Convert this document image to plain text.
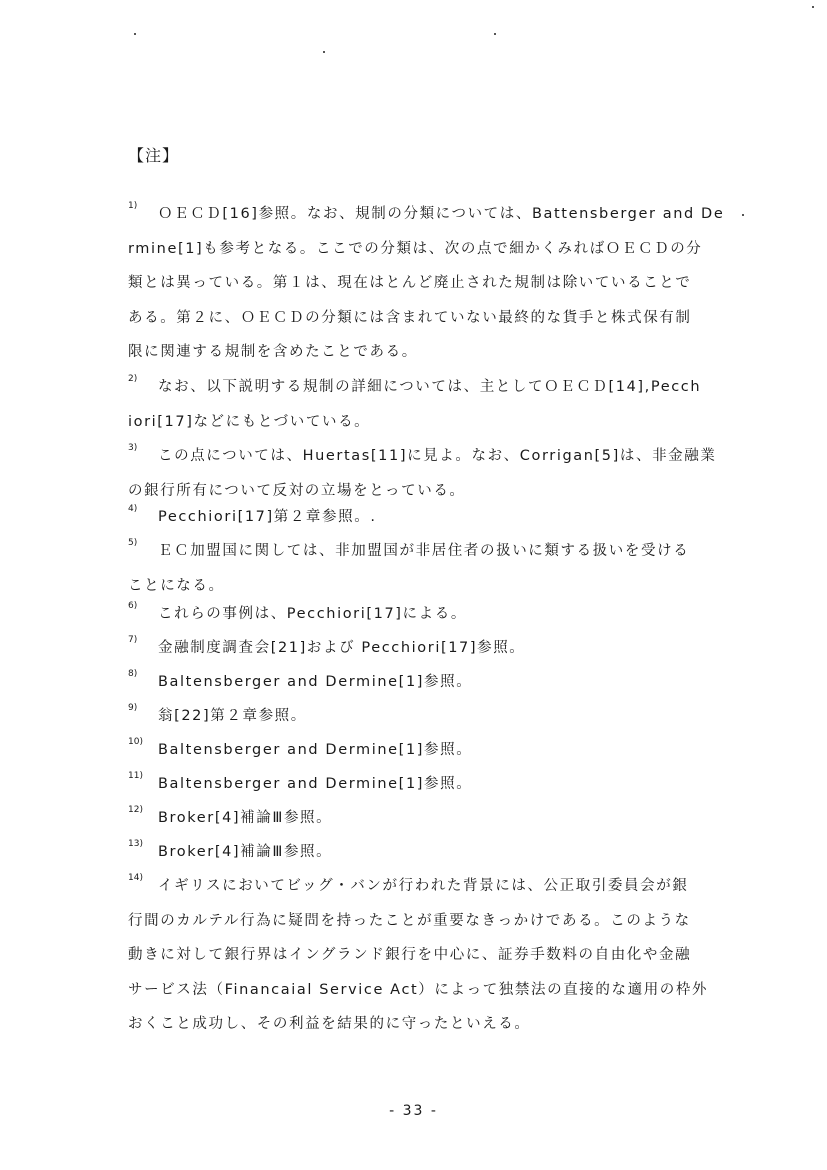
【注】
1) ＯＥＣＤ[16]参照。なお、規制の分類については、Battensberger and De
rmine[1]も参考となる。ここでの分類は、次の点で細かくみればＯＥＣＤの分
類とは異っている。第１は、現在はとんど廃止された規制は除いていることで
ある。第２に、ＯＥＣＤの分類には含まれていない最終的な貨手と株式保有制
限に関連する規制を含めたことである。
2) なお、以下説明する規制の詳細については、主としてＯＥＣＤ[14],Pecch
iori[17]などにもとづいている。
3) この点については、Huertas[11]に見よ。なお、Corrigan[5]は、非金融業
の銀行所有について反対の立場をとっている。
4) Pecchiori[17]第２章参照。.
5) ＥＣ加盟国に関しては、非加盟国が非居住者の扱いに類する扱いを受ける
ことになる。
6) これらの事例は、Pecchiori[17]による。
7) 金融制度調査会[21]および Pecchiori[17]参照。
8) Baltensberger and Dermine[1]参照。
9) 翁[22]第２章参照。
10) Baltensberger and Dermine[1]参照。
11) Baltensberger and Dermine[1]参照。
12) Broker[4]補論Ⅲ参照。
13) Broker[4]補論Ⅲ参照。
14) イギリスにおいてビッグ・バンが行われた背景には、公正取引委員会が銀
行間のカルテル行為に疑問を持ったことが重要なきっかけである。このような
動きに対して銀行界はイングランド銀行を中心に、証券手数料の自由化や金融
サービス法（Financaial Service Act）によって独禁法の直接的な適用の枠外
おくこと成功し、その利益を結果的に守ったといえる。
- 33 -
